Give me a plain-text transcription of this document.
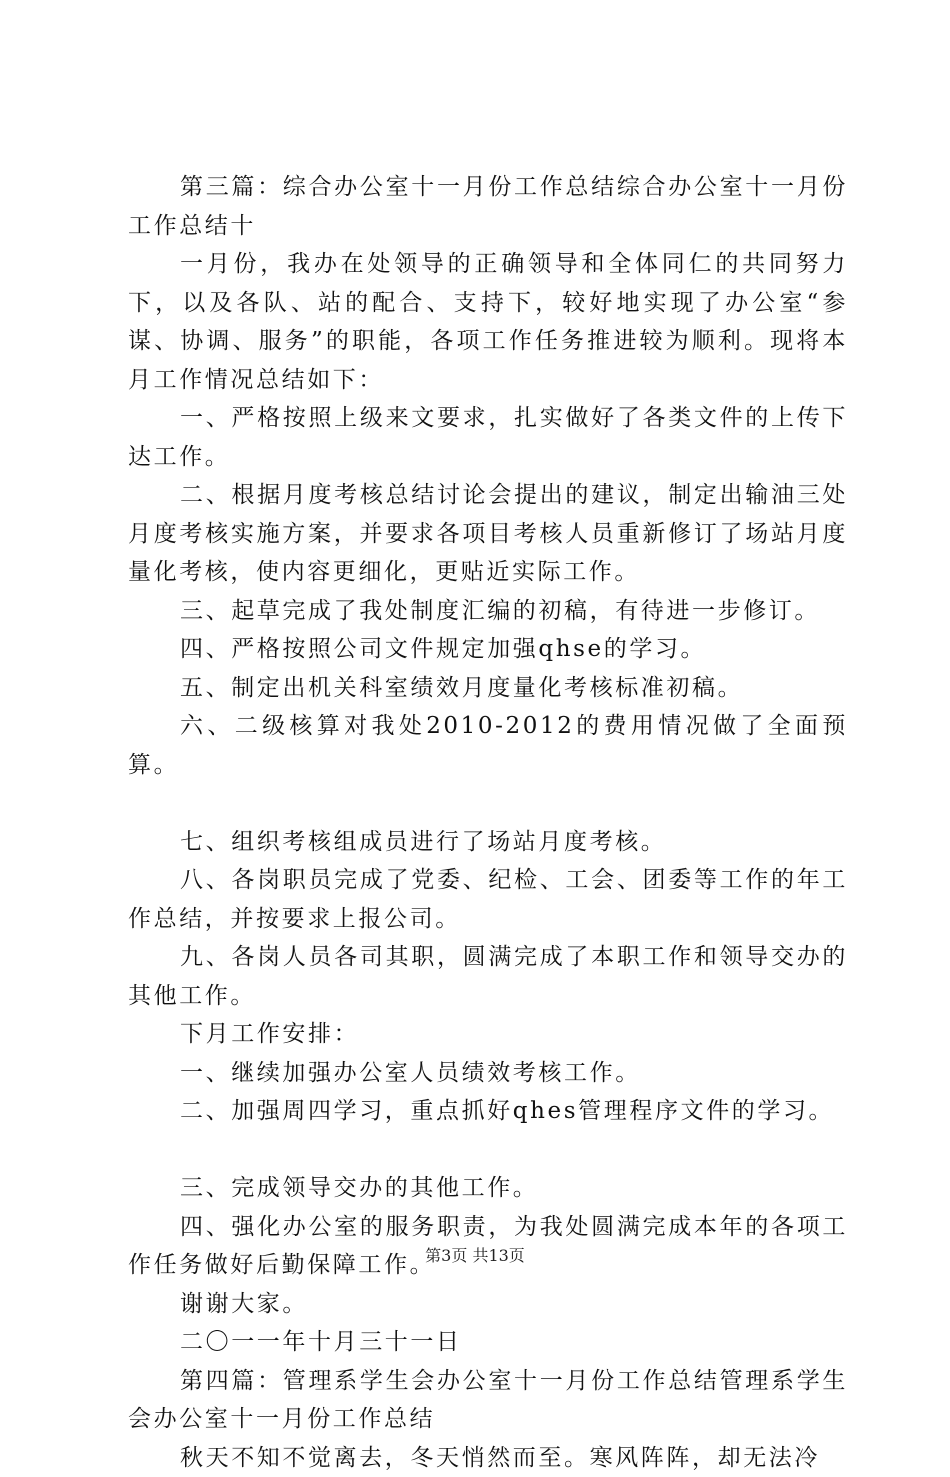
第三篇：综合办公室十一月份工作总结综合办公室十一月份工作总结十

一月份，我办在处领导的正确领导和全体同仁的共同努力下，以及各队、站的配合、支持下，较好地实现了办公室“参谋、协调、服务”的职能，各项工作任务推进较为顺利。现将本月工作情况总结如下：

一、严格按照上级来文要求，扎实做好了各类文件的上传下达工作。

二、根据月度考核总结讨论会提出的建议，制定出输油三处月度考核实施方案，并要求各项目考核人员重新修订了场站月度量化考核，使内容更细化，更贴近实际工作。

三、起草完成了我处制度汇编的初稿，有待进一步修订。

四、严格按照公司文件规定加强qhse的学习。

五、制定出机关科室绩效月度量化考核标准初稿。

六、二级核算对我处2010-2012的费用情况做了全面预算。

七、组织考核组成员进行了场站月度考核。

八、各岗职员完成了党委、纪检、工会、团委等工作的年工作总结，并按要求上报公司。

九、各岗人员各司其职，圆满完成了本职工作和领导交办的其他工作。

下月工作安排：

一、继续加强办公室人员绩效考核工作。

二、加强周四学习，重点抓好qhes管理程序文件的学习。

三、完成领导交办的其他工作。

四、强化办公室的服务职责，为我处圆满完成本年的各项工作任务做好后勤保障工作。

谢谢大家。

二〇一一年十月三十一日

第四篇：管理系学生会办公室十一月份工作总结管理系学生会办公室十一月份工作总结

秋天不知不觉离去，冬天悄然而至。寒风阵阵，却无法冷

第3页 共13页
